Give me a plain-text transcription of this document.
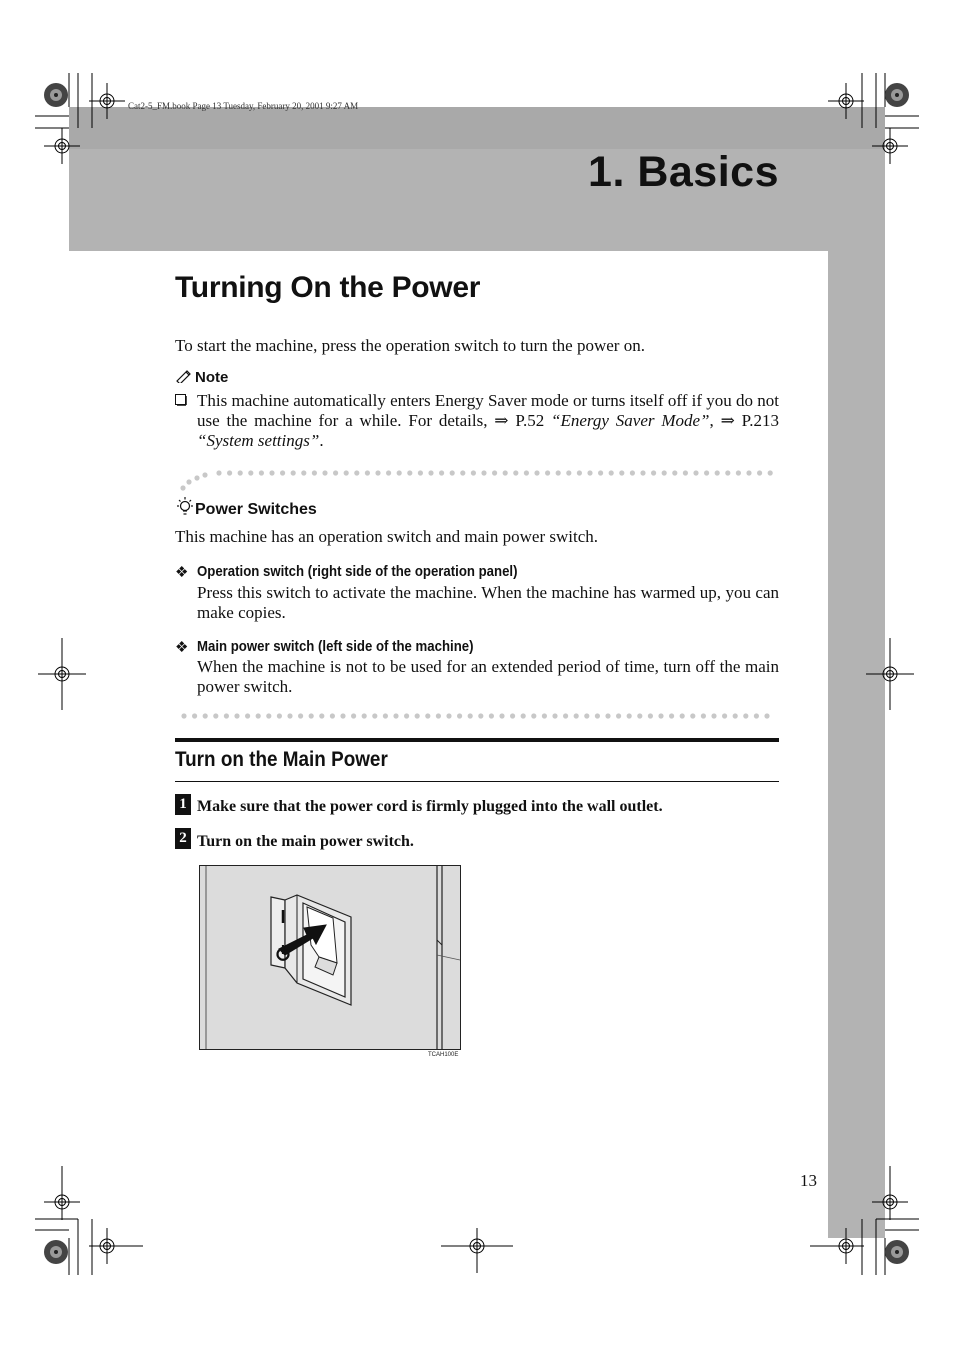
Cat2-5_FM.book Page 13 Tuesday, February 20, 2001 9:27 AM
1. Basics
Turning On the Power
To start the machine, press the operation switch to turn the power on.
Note
This machine automatically enters Energy Saver mode or turns itself off if you do not use the machine for a while. For details, ⇒ P.52 “Energy Saver Mode”, ⇒ P.213 “System settings”.
Power Switches
This machine has an operation switch and main power switch.
❖ Operation switch (right side of the operation panel)
Press this switch to activate the machine. When the machine has warmed up, you can make copies.
❖ Main power switch (left side of the machine)
When the machine is not to be used for an extended period of time, turn off the main power switch.
Turn on the Main Power
1 Make sure that the power cord is firmly plugged into the wall outlet.
2 Turn on the main power switch.
TCAH100E
13
